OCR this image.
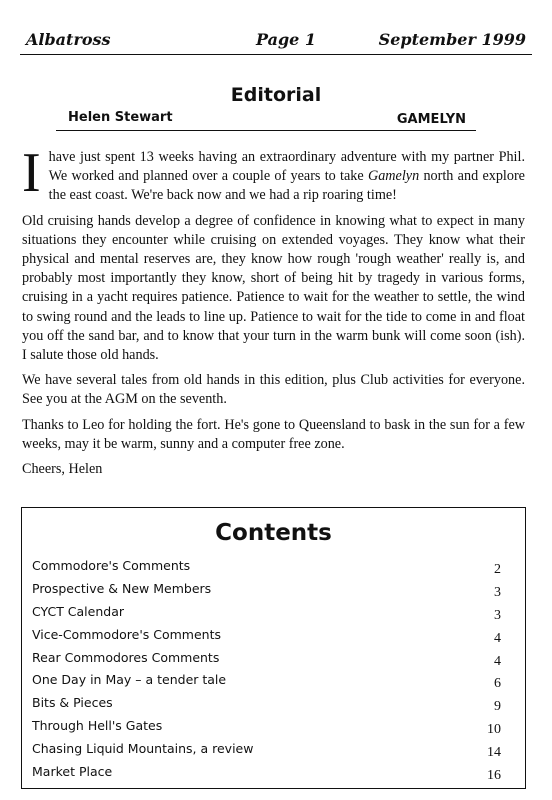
Albatross	Page 1	September 1999
Editorial
Helen Stewart	GAMELYN

Ihave just spent 13 weeks having an extraordinary adventure with my partner Phil. We worked and planned over a couple of years to take Gamelyn north and explore the east coast. We're back now and we had a rip roaring time!

Old cruising hands develop a degree of confidence in knowing what to expect in many situations they encounter while cruising on extended voyages. They know what their physical and mental reserves are, they know how rough 'rough weather' really is, and probably most importantly they know, short of being hit by tragedy in various forms, cruising in a yacht requires patience. Patience to wait for the weather to settle, the wind to swing round and the leads to line up. Patience to wait for the tide to come in and float you off the sand bar, and to know that your turn in the warm bunk will come soon (ish). I salute those old hands.

We have several tales from old hands in this edition, plus Club activities for everyone. See you at the AGM on the seventh.

Thanks to Leo for holding the fort. He's gone to Queensland to bask in the sun for a few weeks, may it be warm, sunny and a computer free zone.

Cheers, Helen

Contents
Commodore's Comments	2
Prospective & New Members	3
CYCT Calendar	3
Vice-Commodore's Comments	4
Rear Commodores Comments	4
One Day in May – a tender tale	6
Bits & Pieces	9
Through Hell's Gates	10
Chasing Liquid Mountains, a review	14
Market Place	16
